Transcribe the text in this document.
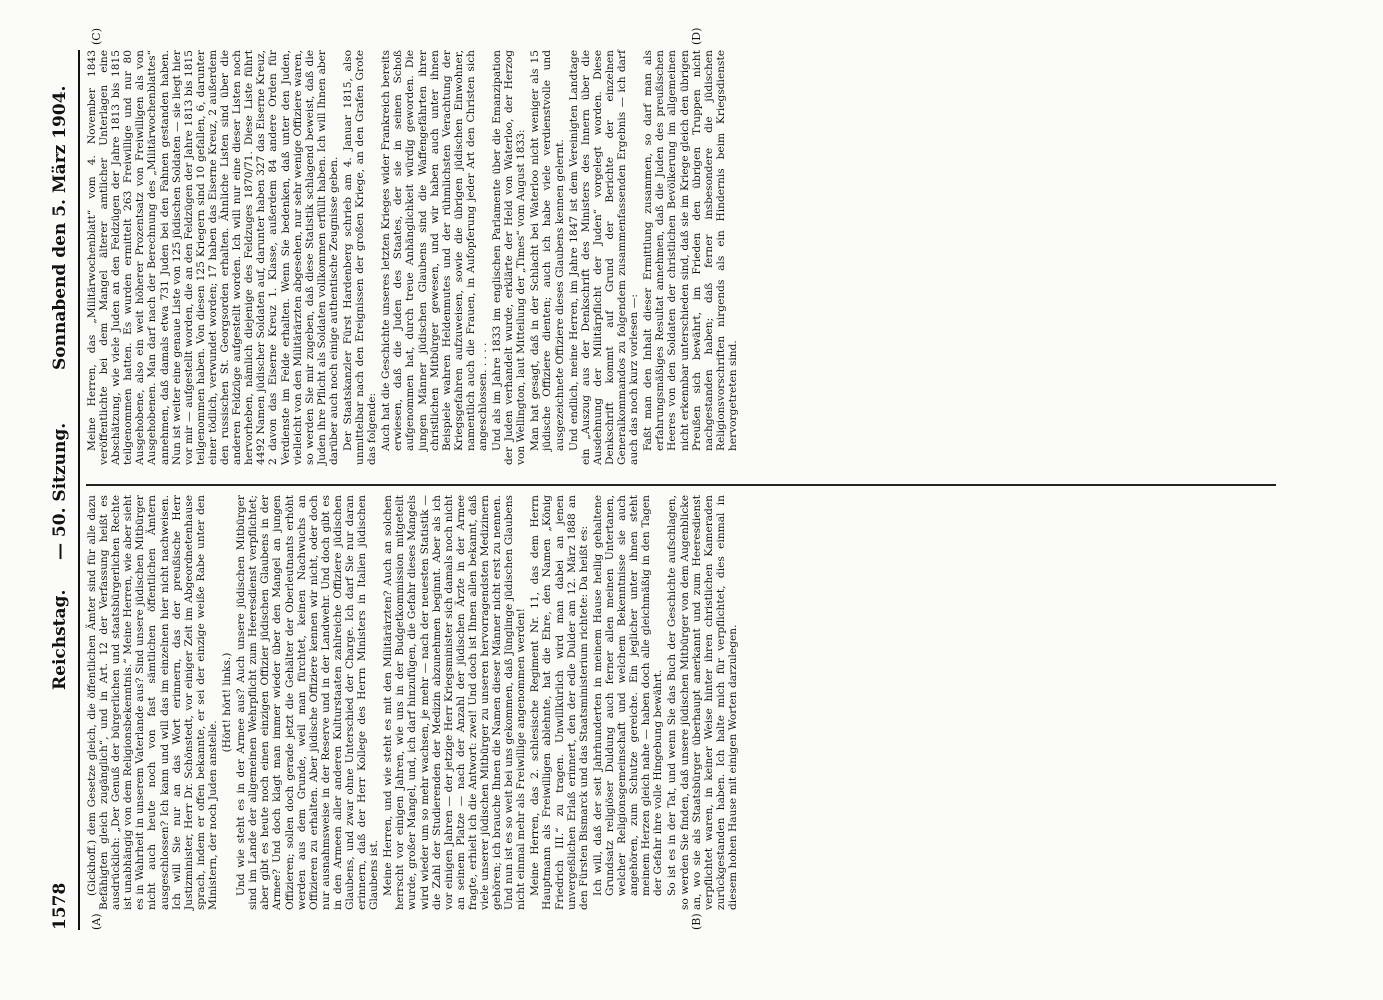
1578
Reichstag.
— 50. Sitzung.
Sonnabend den 5. März 1904.
(A)	(B)
(C)	(D)

(Gickhoff.) dem Gesetze gleich, die öffentlichen Ämter sind für alle dazu Befähigten gleich zugänglich“, und in Art. 12 der Verfassung heißt es ausdrücklich: „Der Genuß der bürgerlichen und staatsbürgerlichen Rechte ist unabhängig von dem Religionsbekenntnis.“ Meine Herren, wie aber sieht es in Wahrheit in unserem Vaterlande aus? Sind unsere jüdischen Mitbürger nicht auch heute noch von fast sämtlichen öffentlichen Ämtern ausgeschlossen? Ich kann und will das im einzelnen hier nicht nachweisen. Ich will Sie nur an das Wort erinnern, das der preußische Herr Justizminister, Herr Dr. Schönstedt, vor einiger Zeit im Abgeordnetenhause sprach, indem er offen bekannte, er sei der einzige weiße Rabe unter den Ministern, der noch Juden anstelle.

(Hört! hört! links.) Und wie steht es in der Armee aus? Auch unsere jüdischen Mitbürger sind im Lande der allgemeinen Wehrpflicht zum Heeresdienst verpflichtet; aber gibt es heute noch einen einzigen Offizier jüdischen Glaubens in der Armee? Und doch klagt man immer wieder über den Mangel an jungen Offizieren; sollen doch gerade jetzt die Gehälter der Oberleutnants erhöht werden aus dem Grunde, weil man fürchtet, keinen Nachwuchs an Offizieren zu erhalten. Aber jüdische Offiziere kennen wir nicht, oder doch nur ausnahmsweise in der Reserve und in der Landwehr. Und doch gibt es in den Armeen aller anderen Kulturstaaten zahlreiche Offiziere jüdischen Glaubens, und zwar ohne Unterschied der Charge. Ich darf Sie nur daran erinnern, daß der Herr Kollege des Herrn Ministers in Italien jüdischen Glaubens ist. Meine Herren, und wie steht es mit den Militärärzten? Auch an solchen herrscht vor einigen Jahren, wie uns in der Budgetkommission mitgeteilt wurde, großer Mangel, und, ich darf hinzufügen, die Gefahr dieses Mangels wird wieder um so mehr wachsen, je mehr — nach der neuesten Statistik — die Zahl der Studierenden der Medizin abzunehmen beginnt. Aber als ich vor einigen Jahren — der jetzige Herr Kriegsminister sich damals noch nicht an seinem Platze — nach der Anzahl der jüdischen Ärzte in der Armee fragte, erhielt ich die Antwort: zwei! Und doch ist Ihnen allen bekannt, daß viele unserer jüdischen Mitbürger zu unseren hervorragendsten Medizinern gehören; ich brauche Ihnen die Namen dieser Männer nicht erst zu nennen. Und nun ist es so weit bei uns gekommen, daß Jünglinge jüdischen Glaubens nicht einmal mehr als Freiwillige angenommen werden! Meine Herren, das 2. schlesische Regiment Nr. 11, das dem Herrn Hauptmann als Freiwilligen ablehnte, hat die Ehre, den Namen „König Friedrich III.“ zu tragen. Unwillkürlich wird man dabei an jenen unvergeßlichen Erlaß erinnert, den der edle Dulder am 12. März 1888 an den Fürsten Bismarck und das Staatsministerium richtete: Da heißt es: Ich will, daß der seit Jahrhunderten in meinem Hause heilig gehaltene Grundsatz religiöser Duldung auch ferner allen meinen Untertanen, welcher Religionsgemeinschaft und welchem Bekenntnisse sie auch angehören, zum Schutze gereiche. Ein jeglicher unter ihnen steht meinem Herzen gleich nahe — haben doch alle gleichmäßig in den Tagen der Gefahr ihre volle Hingebung bewährt. So ist es in der Tat, und wenn Sie das Buch der Geschichte aufschlagen, so werden Sie finden, daß unsere jüdischen Mitbürger von dem Augenblicke an, wo sie als Staatsbürger überhaupt anerkannt und zum Heeresdienst verpflichtet waren, in keiner Weise hinter ihren christlichen Kameraden zurückgestanden haben. Ich halte mich für verpflichtet, dies einmal in diesem hohen Hause mit einigen Worten darzulegen.

Meine Herren, das „Militärwochenblatt“ vom 4. November 1843 veröffentlichte bei dem Mangel älterer amtlicher Unterlagen eine Abschätzung, wie viele Juden an den Feldzügen der Jahre 1813 bis 1815 teilgenommen hatten. Es wurden ermittelt 263 Freiwillige und nur 80 Ausgehobene, also ein weit höherer Prozentsatz von Freiwilligen als von Ausgehobenen. Man darf nach der Berechnung des „Militärwochenblattes“ annehmen, daß damals etwa 731 Juden bei den Fahnen gestanden haben. Nun ist weiter eine genaue Liste von 125 jüdischen Soldaten — sie liegt hier vor mir — aufgestellt worden, die an den Feldzügen der Jahre 1813 bis 1815 teilgenommen haben. Von diesen 125 Kriegern sind 10 gefallen, 6, darunter einer tödlich, verwundet worden; 17 haben das Eiserne Kreuz, 2 außerdem den russischen St. Georgsorden erhalten. Ähnliche Listen sind über die anderen Feldzüge aufgestellt worden. Ich will nur eine dieser Listen noch hervorheben, nämlich diejenige des Feldzuges 1870/71. Diese Liste führt 4492 Namen jüdischer Soldaten auf, darunter haben 327 das Eiserne Kreuz, 2 davon das Eiserne Kreuz 1. Klasse, außerdem 84 andere Orden für Verdienste im Felde erhalten. Wenn Sie bedenken, daß unter den Juden, vielleicht von den Militärärzten abgesehen, nur sehr wenige Offiziere waren, so werden Sie mir zugeben, daß diese Statistik schlagend beweist, daß die Juden ihre Pflicht als Soldaten vollkommen erfüllt haben. Ich will Ihnen aber darüber auch noch einige authentische Zeugnisse geben. Der Staatskanzler Fürst Hardenberg schrieb am 4. Januar 1815, also unmittelbar nach den Ereignissen der großen Kriege, an den Grafen Grote das folgende: Auch hat die Geschichte unseres letzten Krieges wider Frankreich bereits erwiesen, daß die Juden des Staates, der sie in seinen Schoß aufgenommen hat, durch treue Anhänglichkeit würdig geworden. Die jungen Männer jüdischen Glaubens sind die Waffengefährten ihrer christlichen Mitbürger gewesen, und wir haben auch unter ihnen Beispiele wahren Heldenmutes und der rühmlichsten Verachtung der Kriegsgefahren aufzuweisen, sowie die übrigen jüdischen Einwohner, namentlich auch die Frauen, in Aufopferung jeder Art den Christen sich angeschlossen. . . . . Und als im Jahre 1833 im englischen Parlamente über die Emanzipation der Juden verhandelt wurde, erklärte der Held von Waterloo, der Herzog von Wellington, laut Mitteilung der „Times“ vom August 1833: Man hat gesagt, daß in der Schlacht bei Waterloo nicht weniger als 15 jüdische Offiziere dienten; auch ich habe viele verdienstvolle und ausgezeichnete Offiziere dieses Glaubens kennen gelernt. Und endlich, meine Herren, im Jahre 1847 ist dem Vereinigten Landtage ein „Auszug aus der Denkschrift des Ministers des Innern über die Ausdehnung der Militärpflicht der Juden“ vorgelegt worden. Diese Denkschrift kommt auf Grund der Berichte der einzelnen Generalkommandos zu folgendem zusammenfassenden Ergebnis — ich darf auch das noch kurz vorlesen —: Faßt man den Inhalt dieser Ermittlung zusammen, so darf man als erfahrungsmäßiges Resultat annehmen, daß die Juden des preußischen Heeres von den Soldaten der christlichen Bevölkerung im allgemeinen nicht erkennbar unterschieden sind, daß sie im Kriege gleich den übrigen Preußen sich bewährt, im Frieden den übrigen Truppen nicht nachgestanden haben; daß ferner insbesondere die jüdischen Religionsvorschriften nirgends als ein Hindernis beim Kriegsdienste hervorgetreten sind.
